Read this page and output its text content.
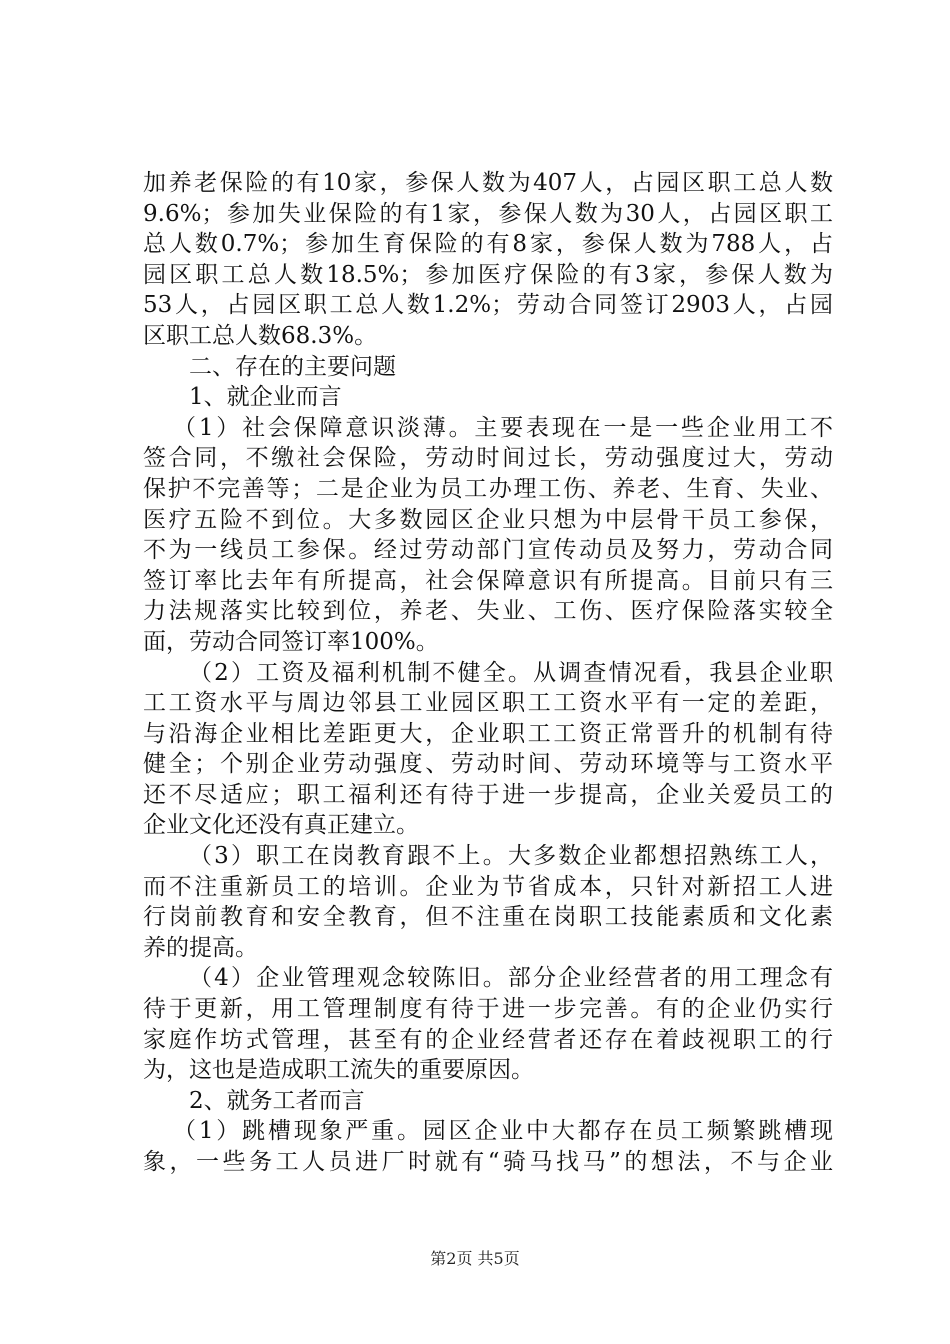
加养老保险的有10家，参保人数为407人，占园区职工总人数
9.6%；参加失业保险的有1家，参保人数为30人，占园区职工
总人数0.7%；参加生育保险的有8家，参保人数为788人，占
园区职工总人数18.5%；参加医疗保险的有3家，参保人数为
53人，占园区职工总人数1.2%；劳动合同签订2903人，占园
区职工总人数68.3%。
二、存在的主要问题
1、就企业而言
（1）社会保障意识淡薄。主要表现在一是一些企业用工不
签合同，不缴社会保险，劳动时间过长，劳动强度过大，劳动
保护不完善等；二是企业为员工办理工伤、养老、生育、失业、
医疗五险不到位。大多数园区企业只想为中层骨干员工参保，
不为一线员工参保。经过劳动部门宣传动员及努力，劳动合同
签订率比去年有所提高，社会保障意识有所提高。目前只有三
力法规落实比较到位，养老、失业、工伤、医疗保险落实较全
面，劳动合同签订率100%。
（2）工资及福利机制不健全。从调查情况看，我县企业职
工工资水平与周边邻县工业园区职工工资水平有一定的差距，
与沿海企业相比差距更大，企业职工工资正常晋升的机制有待
健全；个别企业劳动强度、劳动时间、劳动环境等与工资水平
还不尽适应；职工福利还有待于进一步提高，企业关爱员工的
企业文化还没有真正建立。
（3）职工在岗教育跟不上。大多数企业都想招熟练工人，
而不注重新员工的培训。企业为节省成本，只针对新招工人进
行岗前教育和安全教育，但不注重在岗职工技能素质和文化素
养的提高。
（4）企业管理观念较陈旧。部分企业经营者的用工理念有
待于更新，用工管理制度有待于进一步完善。有的企业仍实行
家庭作坊式管理，甚至有的企业经营者还存在着歧视职工的行
为，这也是造成职工流失的重要原因。
2、就务工者而言
（1）跳槽现象严重。园区企业中大都存在员工频繁跳槽现
象，一些务工人员进厂时就有“骑马找马”的想法，不与企业
第2页 共5页
